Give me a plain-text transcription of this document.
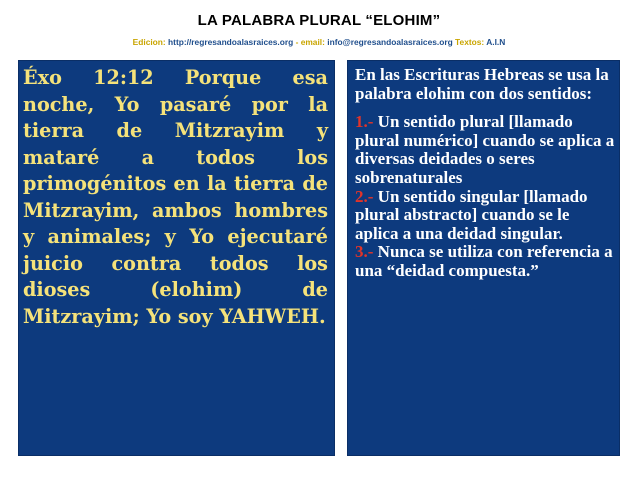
LA PALABRA PLURAL “ELOHIM”
Edicion: http://regresandoalasraices.org - email: info@regresandoalasraices.org Textos: A.I.N

Éxo 12:12 Porque esa noche, Yo pasaré por la tierra de Mitzrayim y mataré a todos los primogénitos en la tierra de Mitzrayim, ambos hombres y animales; y Yo ejecutaré juicio contra todos los dioses (elohim) de Mitzrayim; Yo soy YAHWEH.

En las Escrituras Hebreas se usa la palabra elohim con dos sentidos:

1.- Un sentido plural [llamado plural numérico] cuando se aplica a diversas deidades o seres sobrenaturales

2.- Un sentido singular [llamado plural abstracto] cuando se le aplica a una deidad singular.

3.- Nunca se utiliza con referencia a una “deidad compuesta.”
